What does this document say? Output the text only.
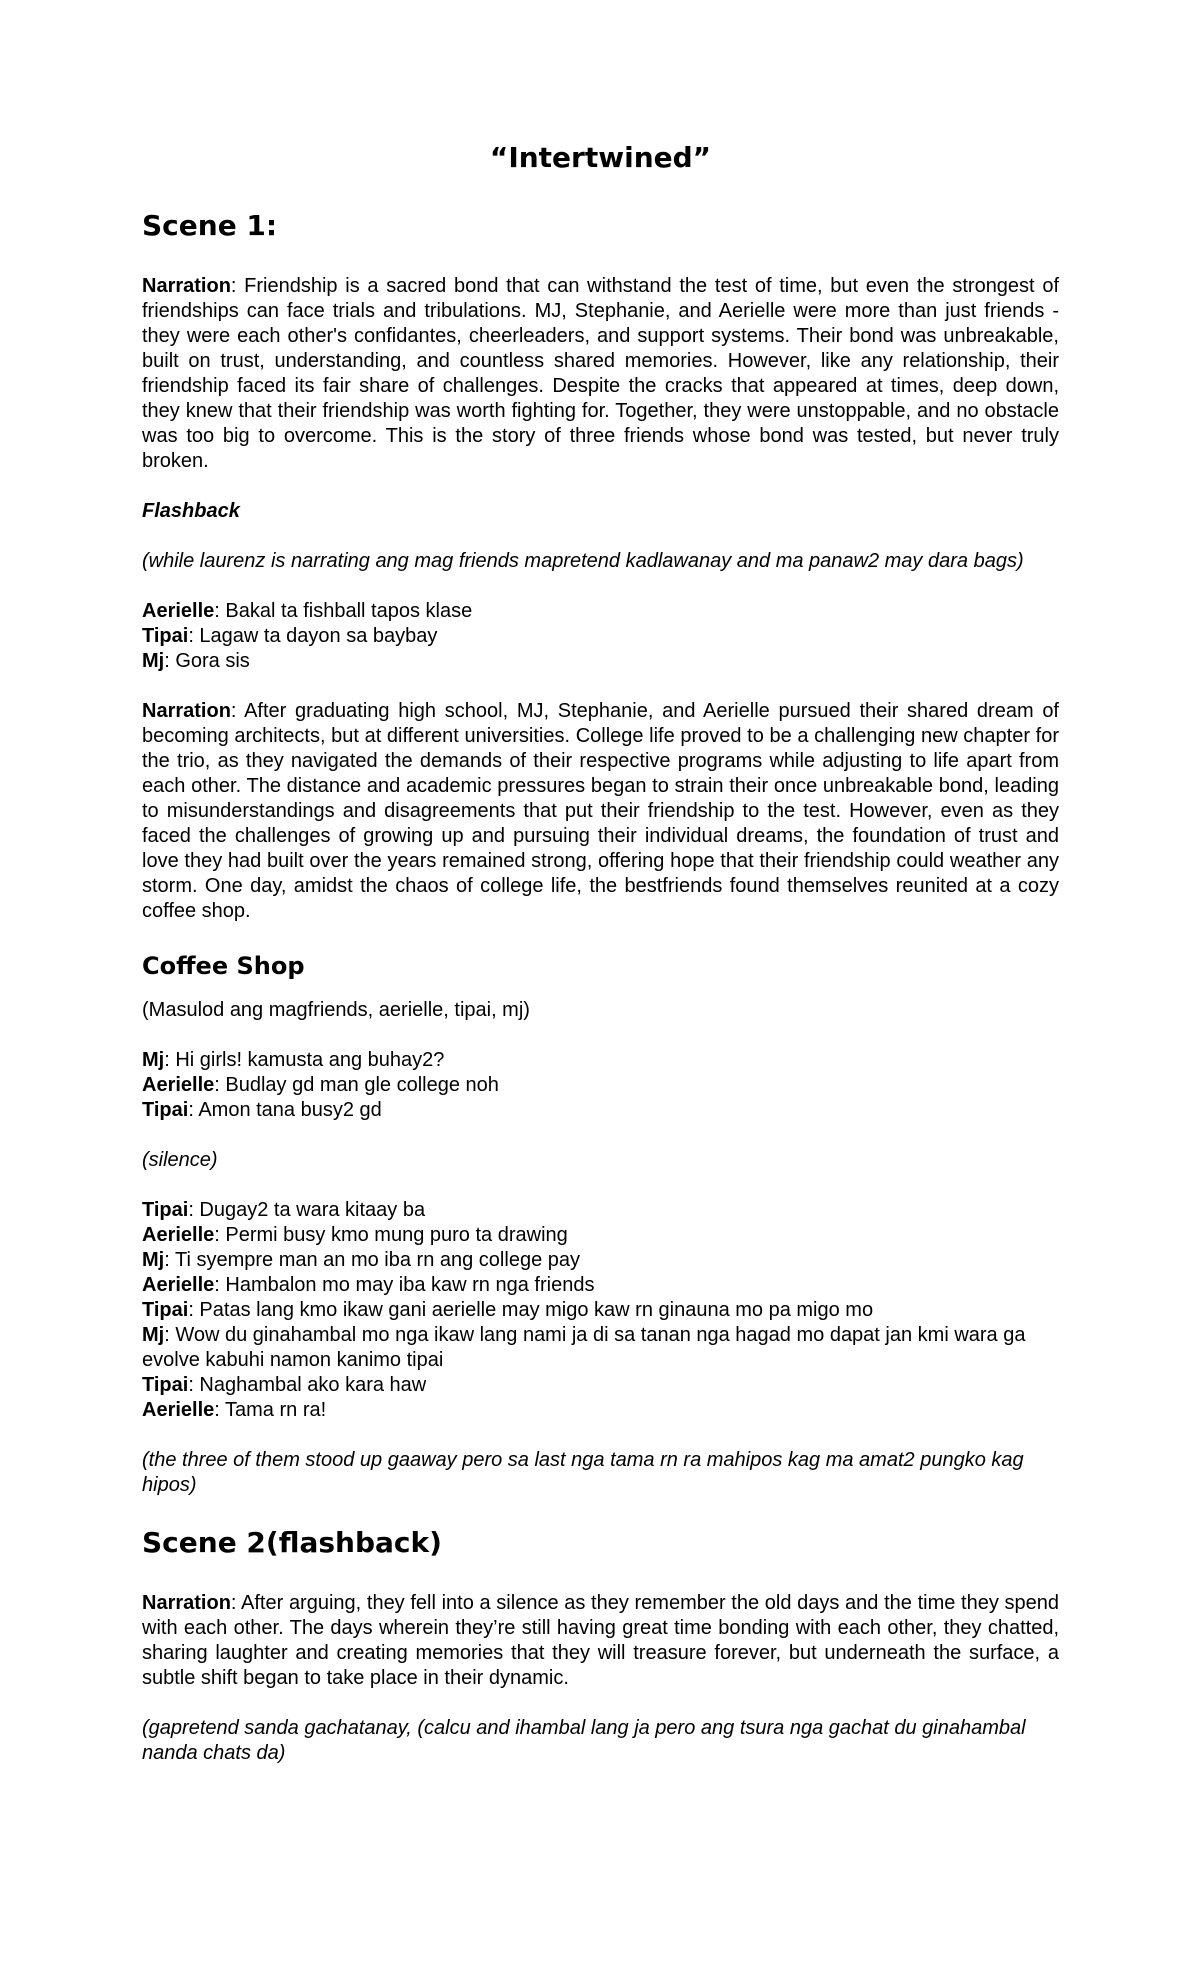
“Intertwined”
Scene 1:

Narration: Friendship is a sacred bond that can withstand the test of time, but even the strongest of friendships can face trials and tribulations. MJ, Stephanie, and Aerielle were more than just friends - they were each other's confidantes, cheerleaders, and support systems. Their bond was unbreakable, built on trust, understanding, and countless shared memories. However, like any relationship, their friendship faced its fair share of challenges. Despite the cracks that appeared at times, deep down, they knew that their friendship was worth fighting for. Together, they were unstoppable, and no obstacle was too big to overcome. This is the story of three friends whose bond was tested, but never truly broken.

Flashback

(while laurenz is narrating ang mag friends mapretend kadlawanay and ma panaw2 may dara bags)

Aerielle: Bakal ta fishball tapos klase

Tipai: Lagaw ta dayon sa baybay

Mj: Gora sis

Narration: After graduating high school, MJ, Stephanie, and Aerielle pursued their shared dream of becoming architects, but at different universities. College life proved to be a challenging new chapter for the trio, as they navigated the demands of their respective programs while adjusting to life apart from each other. The distance and academic pressures began to strain their once unbreakable bond, leading to misunderstandings and disagreements that put their friendship to the test. However, even as they faced the challenges of growing up and pursuing their individual dreams, the foundation of trust and love they had built over the years remained strong, offering hope that their friendship could weather any storm. One day, amidst the chaos of college life, the bestfriends found themselves reunited at a cozy coffee shop.

Coffee Shop

(Masulod ang magfriends, aerielle, tipai, mj)

Mj: Hi girls! kamusta ang buhay2?

Aerielle: Budlay gd man gle college noh

Tipai: Amon tana busy2 gd

(silence)

Tipai: Dugay2 ta wara kitaay ba

Aerielle: Permi busy kmo mung puro ta drawing

Mj: Ti syempre man an mo iba rn ang college pay

Aerielle: Hambalon mo may iba kaw rn nga friends

Tipai: Patas lang kmo ikaw gani aerielle may migo kaw rn ginauna mo pa migo mo

Mj: Wow du ginahambal mo nga ikaw lang nami ja di sa tanan nga hagad mo dapat jan kmi wara ga evolve kabuhi namon kanimo tipai

Tipai: Naghambal ako kara haw

Aerielle: Tama rn ra!

(the three of them stood up gaaway pero sa last nga tama rn ra mahipos kag ma amat2 pungko kag hipos)

Scene 2(flashback)

Narration: After arguing, they fell into a silence as they remember the old days and the time they spend with each other. The days wherein they’re still having great time bonding with each other, they chatted, sharing laughter and creating memories that they will treasure forever, but underneath the surface, a subtle shift began to take place in their dynamic.

(gapretend sanda gachatanay, (calcu and ihambal lang ja pero ang tsura nga gachat du ginahambal nanda chats da)
